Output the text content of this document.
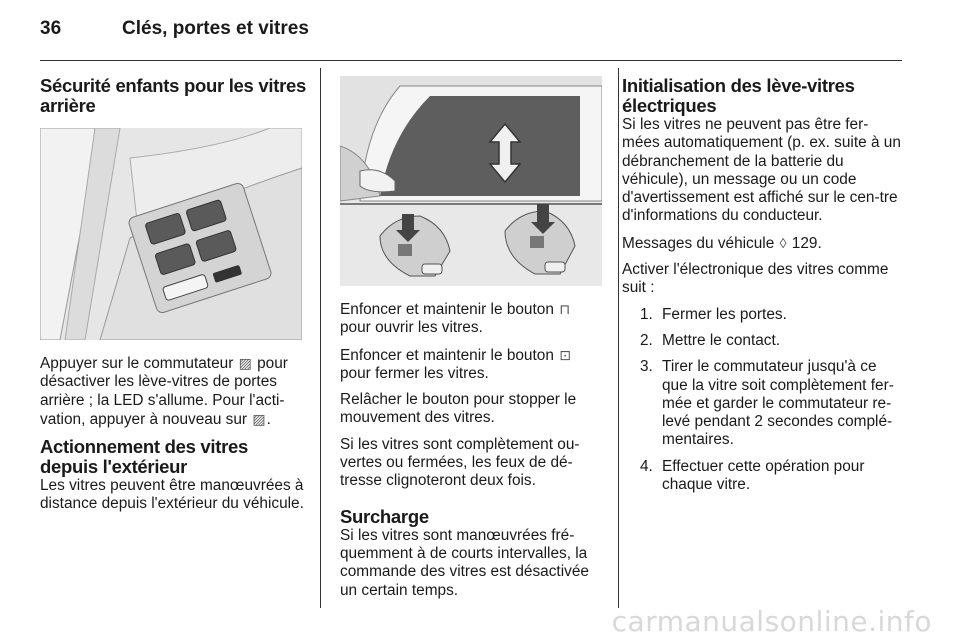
36	Clés, portes et vitres
Sécurité enfants pour les vitres arrière

Appuyer sur le commutateur ▨ pour désactiver les lève-vitres de portes arrière ; la LED s'allume. Pour l'acti-vation, appuyer à nouveau sur ▨.

Actionnement des vitres depuis l'extérieur

Les vitres peuvent être manœuvrées à distance depuis l'extérieur du véhicule.

Enfoncer et maintenir le bouton ⊓ pour ouvrir les vitres.

Enfoncer et maintenir le bouton ⊡ pour fermer les vitres.

Relâcher le bouton pour stopper le mouvement des vitres.

Si les vitres sont complètement ou-vertes ou fermées, les feux de dé-tresse clignoteront deux fois.

Surcharge

Si les vitres sont manœuvrées fré-quemment à de courts intervalles, la commande des vitres est désactivée un certain temps.

Initialisation des lève-vitres électriques

Si les vitres ne peuvent pas être fer-mées automatiquement (p. ex. suite à un débranchement de la batterie du véhicule), un message ou un code d'avertissement est affiché sur le cen-tre d'informations du conducteur.

Messages du véhicule ◊ 129.

Activer l'électronique des vitres comme suit :

1. Fermer les portes.
2. Mettre le contact.
3. Tirer le commutateur jusqu'à ce que la vitre soit complètement fer-mée et garder le commutateur re-levé pendant 2 secondes complé-mentaires.
4. Effectuer cette opération pour chaque vitre.
carmanualsonline.info
